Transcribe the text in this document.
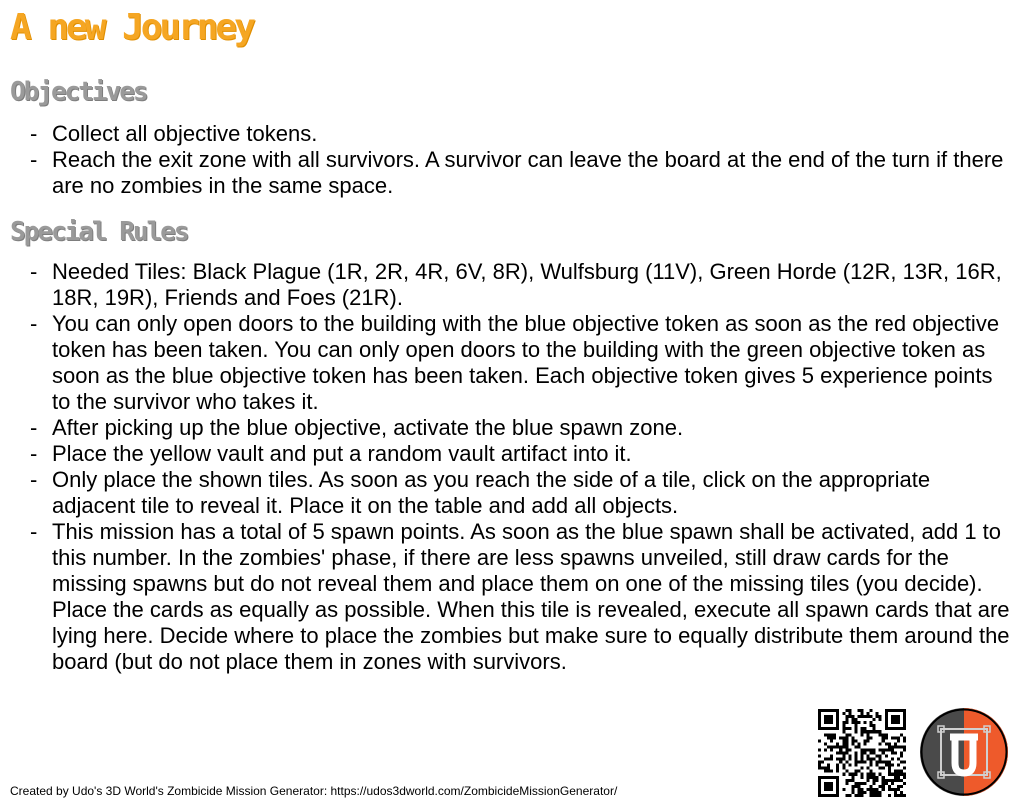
A new Journey
Objectives
- Collect all objective tokens.
- Reach the exit zone with all survivors. A survivor can leave the board at the end of the turn if there are no zombies in the same space.
Special Rules
- Needed Tiles: Black Plague (1R, 2R, 4R, 6V, 8R), Wulfsburg (11V), Green Horde (12R, 13R, 16R, 18R, 19R), Friends and Foes (21R).
- You can only open doors to the building with the blue objective token as soon as the red objective token has been taken. You can only open doors to the building with the green objective token as soon as the blue objective token has been taken. Each objective token gives 5 experience points to the survivor who takes it.
- After picking up the blue objective, activate the blue spawn zone.
- Place the yellow vault and put a random vault artifact into it.
- Only place the shown tiles. As soon as you reach the side of a tile, click on the appropriate adjacent tile to reveal it. Place it on the table and add all objects.
- This mission has a total of 5 spawn points. As soon as the blue spawn shall be activated, add 1 to this number. In the zombies' phase, if there are less spawns unveiled, still draw cards for the missing spawns but do not reveal them and place them on one of the missing tiles (you decide). Place the cards as equally as possible. When this tile is revealed, execute all spawn cards that are lying here. Decide where to place the zombies but make sure to equally distribute them around the board (but do not place them in zones with survivors.
Created by Udo's 3D World's Zombicide Mission Generator: https://udos3dworld.com/ZombicideMissionGenerator/
